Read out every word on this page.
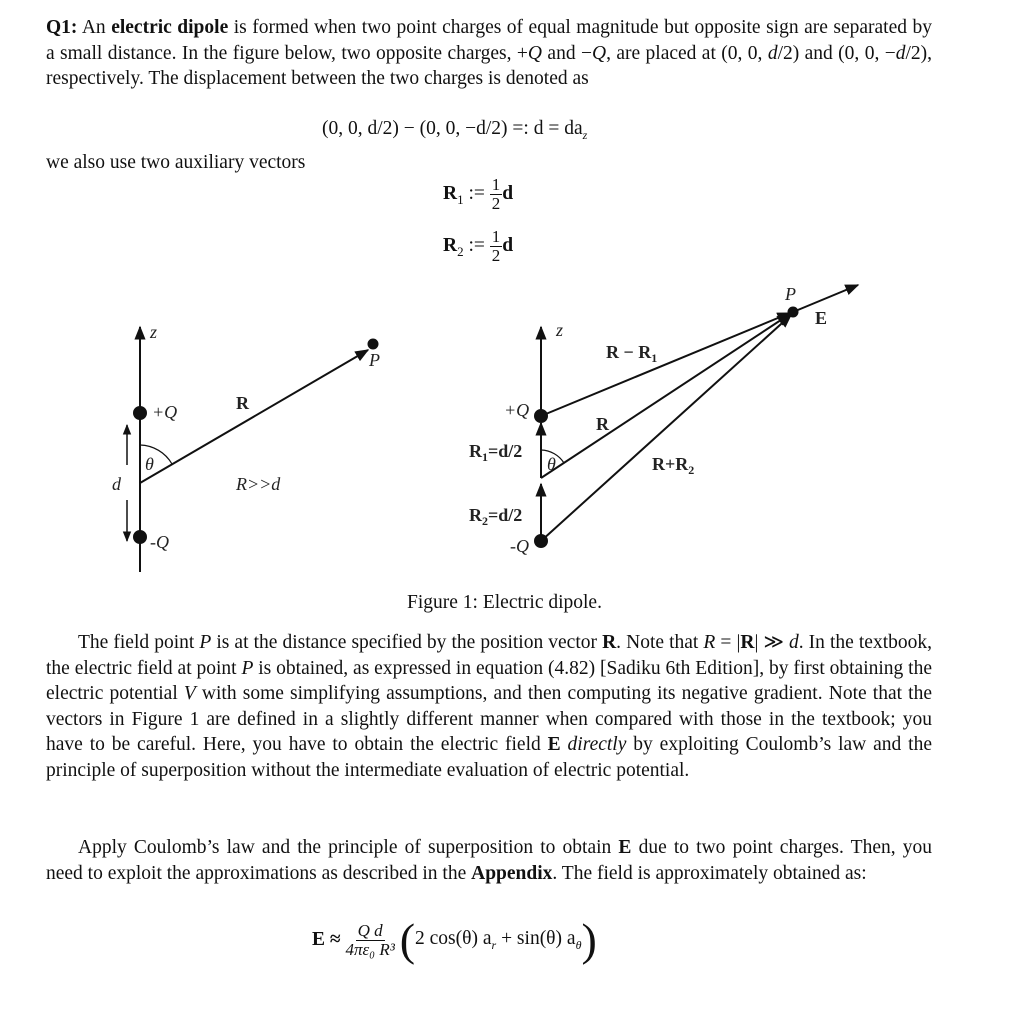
Q1: An electric dipole is formed when two point charges of equal magnitude but opposite sign are separated by a small distance. In the figure below, two opposite charges, +Q and −Q, are placed at (0, 0, d/2) and (0, 0, −d/2), respectively. The displacement between the two charges is denoted as
(0, 0, d/2) − (0, 0, −d/2) =: $d = da_z$
we also use two auxiliary vectors
$R_1$ := $\frac{1}{2}$ d
$R_2$ := $\frac{1}{2}$ d
z
+Q
-Q
R
θ
d
P
R>>d
z
+Q
-Q
P
E
θ
R
$R - R_1$
$R+R_2$
$R_1=d/2$
$R_2=d/2$
Figure 1: Electric dipole.
The field point P is at the distance specified by the position vector R. Note that R = |R| ≫ d. In the textbook, the electric field at point P is obtained, as expressed in equation (4.82) [Sadiku 6th Edition], by first obtaining the electric potential V with some simplifying assumptions, and then computing its negative gradient. Note that the vectors in Figure 1 are defined in a slightly different manner when compared with those in the textbook; you have to be careful. Here, you have to obtain the electric field E directly by exploiting Coulomb’s law and the principle of superposition without the intermediate evaluation of electric potential.
Apply Coulomb’s law and the principle of superposition to obtain E due to two point charges. Then, you need to exploit the approximations as described in the Appendix. The field is approximately obtained as:
$E \approx \frac{\text{Q d}}{\text{4πε₀ R³}} (2$ cos(θ) $a_r + \sin(\theta)$ $a_\theta$)
